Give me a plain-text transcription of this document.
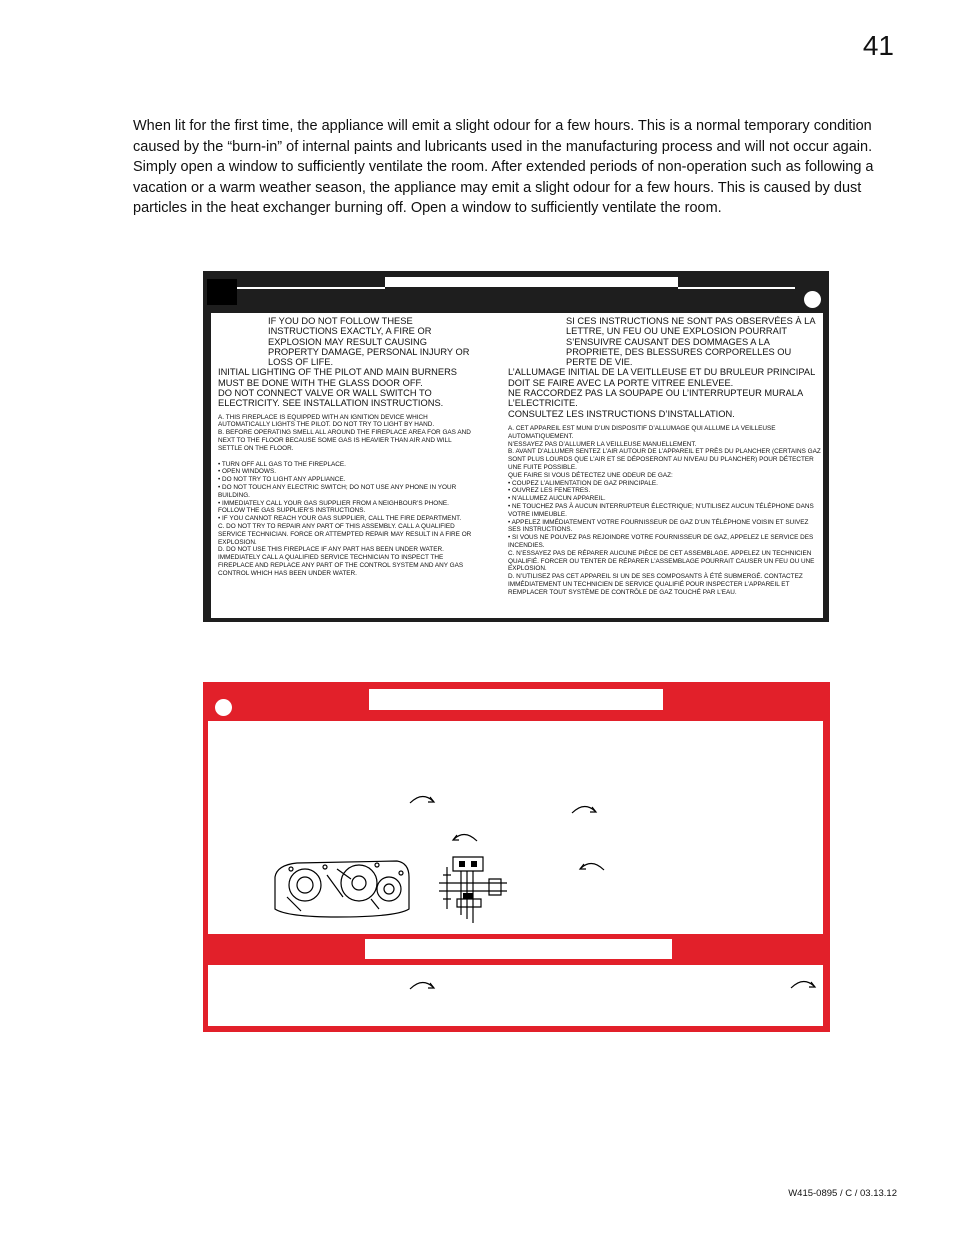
41
When lit for the first time, the appliance will emit a slight odour for a few hours. This is a normal temporary condition caused by the “burn-in” of internal paints and lubricants used in the manufacturing process and will not occur again. Simply open a window to sufficiently ventilate the room. After extended periods of non-operation such as following a vacation or a warm weather season, the appliance may emit a slight odour for a few hours. This is caused by dust particles in the heat exchanger burning off. Open a window to sufficiently ventilate the room.

IF YOU DO NOT FOLLOW THESE INSTRUCTIONS EXACTLY, A FIRE OR EXPLOSION MAY RESULT CAUSING PROPERTY DAMAGE, PERSONAL INJURY OR LOSS OF LIFE.

INITIAL LIGHTING OF THE PILOT AND MAIN BURNERS MUST BE DONE WITH THE GLASS DOOR OFF.

DO NOT CONNECT VALVE OR WALL SWITCH TO ELECTRICITY. SEE INSTALLATION INSTRUCTIONS.

A. THIS FIREPLACE IS EQUIPPED WITH AN IGNITION DEVICE WHICH AUTOMATICALLY LIGHTS THE PILOT. DO NOT TRY TO LIGHT BY HAND.
B. BEFORE OPERATING SMELL ALL AROUND THE FIREPLACE AREA FOR GAS AND NEXT TO THE FLOOR BECAUSE SOME GAS IS HEAVIER THAN AIR AND WILL SETTLE ON THE FLOOR.
• TURN OFF ALL GAS TO THE FIREPLACE.
• OPEN WINDOWS.
• DO NOT TRY TO LIGHT ANY APPLIANCE.
• DO NOT TOUCH ANY ELECTRIC SWITCH; DO NOT USE ANY PHONE IN YOUR BUILDING.
• IMMEDIATELY CALL YOUR GAS SUPPLIER FROM A NEIGHBOUR’S PHONE. FOLLOW THE GAS SUPPLIER’S INSTRUCTIONS.
• IF YOU CANNOT REACH YOUR GAS SUPPLIER, CALL THE FIRE DEPARTMENT.
C. DO NOT TRY TO REPAIR ANY PART OF THIS ASSEMBLY. CALL A QUALIFIED SERVICE TECHNICIAN. FORCE OR ATTEMPTED REPAIR MAY RESULT IN A FIRE OR EXPLOSION.
D. DO NOT USE THIS FIREPLACE IF ANY PART HAS BEEN UNDER WATER. IMMEDIATELY CALL A QUALIFIED SERVICE TECHNICIAN TO INSPECT THE FIREPLACE AND REPLACE ANY PART OF THE CONTROL SYSTEM AND ANY GAS CONTROL WHICH HAS BEEN UNDER WATER.

SI CES INSTRUCTIONS NE SONT PAS OBSERVÉES À LA LETTRE, UN FEU OU UNE EXPLOSION POURRAIT S’ENSUIVRE CAUSANT DES DOMMAGES A LA PROPRIETE, DES BLESSURES CORPORELLES OU PERTE DE VIE.

L’ALLUMAGE INITIAL DE LA VEITLLEUSE ET DU BRULEUR PRINCIPAL DOIT SE FAIRE AVEC LA PORTE VITREE ENLEVEE.

NE RACCORDEZ PAS LA SOUPAPE OU L’INTERRUPTEUR MURALA L’ELECTRICITE.

CONSULTEZ LES INSTRUCTIONS D’INSTALLATION.

A. CET APPAREIL EST MUNI D’UN DISPOSITIF D’ALLUMAGE QUI ALLUME LA VEILLEUSE AUTOMATIQUEMENT.
N’ESSAYEZ PAS D’ALLUMER LA VEILLEUSE MANUELLEMENT.
B. AVANT D’ALLUMER SENTEZ L’AIR AUTOUR DE L’APPAREIL ET PRÈS DU PLANCHER (CERTAINS GAZ SONT PLUS LOURDS QUE L’AIR ET SE DÉPOSERONT AU NIVEAU DU PLANCHER) POUR DÉTECTER UNE FUITE POSSIBLE.
QUE FAIRE SI VOUS DÉTECTEZ UNE ODEUR DE GAZ:
• COUPEZ L’ALIMENTATION DE GAZ PRINCIPALE.
• OUVREZ LES FENETRES.
• N’ALLUMEZ AUCUN APPAREIL.
• NE TOUCHEZ PAS À AUCUN INTERRUPTEUR ÉLECTRIQUE; N’UTILISEZ AUCUN TÉLÉPHONE DANS VOTRE IMMEUBLE.
• APPELEZ IMMÉDIATEMENT VOTRE FOURNISSEUR DE GAZ D’UN TÉLÉPHONE VOISIN ET SUIVEZ SES INSTRUCTIONS.
• SI VOUS NE POUVEZ PAS REJOINDRE VOTRE FOURNISSEUR DE GAZ, APPELEZ LE SERVICE DES
INCENDIES.
C. N’ESSAYEZ PAS DE RÉPARER AUCUNE PIÈCE DE CET ASSEMBLAGE. APPELEZ UN TECHNICIEN QUALIFIÉ. FORCER OU TENTER DE RÉPARER L’ASSEMBLAGE POURRAIT CAUSER UN FEU OU UNE EXPLOSION.
D. N’UTILISEZ PAS CET APPAREIL SI UN DE SES COMPOSANTS À ÉTÉ SUBMERGÉ. CONTACTEZ IMMÉDIATEMENT UN TECHNICIEN DE SERVICE QUALIFIÉ POUR INSPECTER L’APPAREIL ET REMPLACER TOUT SYSTÈME DE CONTRÔLE DE GAZ TOUCHÉ PAR L’EAU.
W415-0895 / C / 03.13.12
